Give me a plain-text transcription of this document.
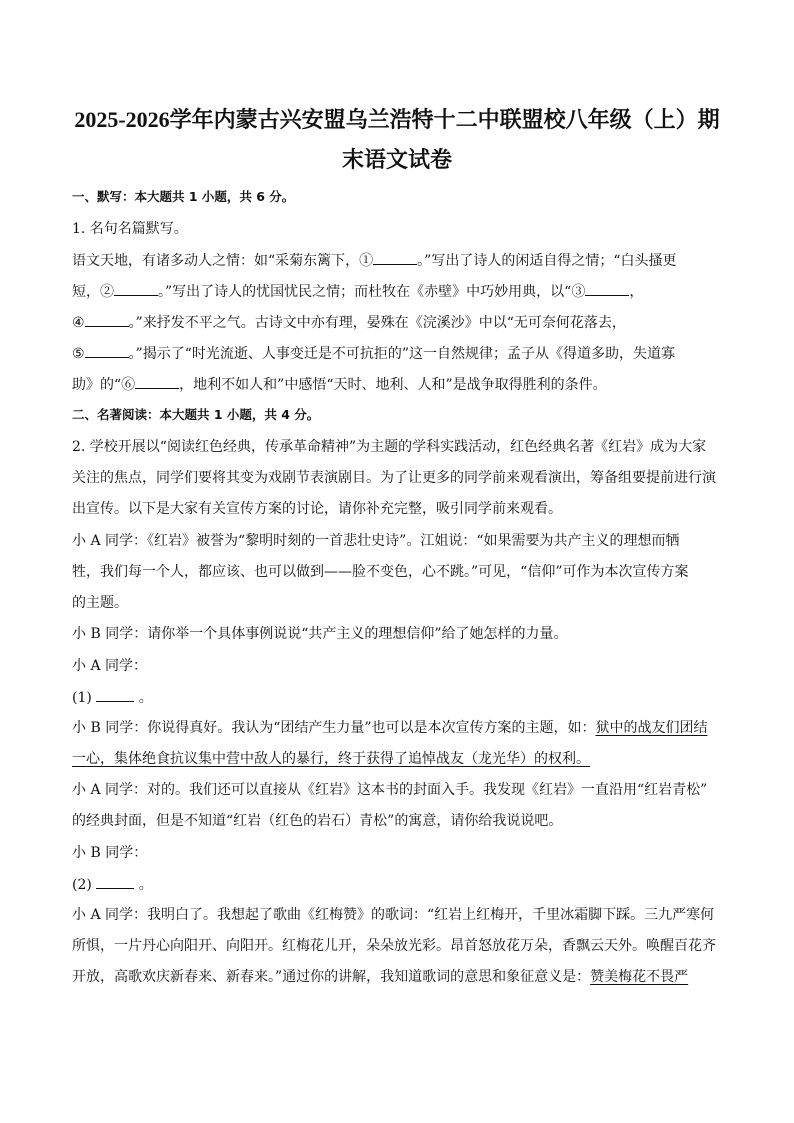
2025-2026学年内蒙古兴安盟乌兰浩特十二中联盟校八年级（上）期
末语文试卷
一、默写：本大题共 1 小题，共 6 分。
1. 名句名篇默写。
语文天地，有诸多动人之情：如“采菊东篱下，①	。”写出了诗人的闲适自得之情；“白头搔更
短，②	。”写出了诗人的忧国忧民之情；而杜牧在《赤壁》中巧妙用典，以“③	，
④	。”来抒发不平之气。古诗文中亦有理，晏殊在《浣溪沙》中以“无可奈何花落去，
⑤	。”揭示了“时光流逝、人事变迁是不可抗拒的”这一自然规律；孟子从《得道多助，失道寡
助》的“⑥	，地利不如人和”中感悟“天时、地利、人和”是战争取得胜利的条件。
二、名著阅读：本大题共 1 小题，共 4 分。
2. 学校开展以“阅读红色经典，传承革命精神”为主题的学科实践活动，红色经典名著《红岩》成为大家
关注的焦点，同学们要将其变为戏剧节表演剧目。为了让更多的同学前来观看演出，筹备组要提前进行演
出宣传。以下是大家有关宣传方案的讨论，请你补充完整，吸引同学前来观看。
小 A 同学：《红岩》被誉为“黎明时刻的一首悲壮史诗”。江姐说：“如果需要为共产主义的理想而牺
牲，我们每一个人，都应该、也可以做到——脸不变色，心不跳。”可见，“信仰”可作为本次宣传方案
的主题。
小 B 同学：请你举一个具体事例说说“共产主义的理想信仰”给了她怎样的力量。
小 A 同学：
(1)	。
小 B 同学：你说得真好。我认为“团结产生力量”也可以是本次宣传方案的主题，如：狱中的战友们团结
一心，集体绝食抗议集中营中敌人的暴行，终于获得了追悼战友（龙光华）的权利。
小 A 同学：对的。我们还可以直接从《红岩》这本书的封面入手。我发现《红岩》一直沿用“红岩青松”
的经典封面，但是不知道“红岩（红色的岩石）青松”的寓意，请你给我说说吧。
小 B 同学：
(2)	。
小 A 同学：我明白了。我想起了歌曲《红梅赞》的歌词：“红岩上红梅开，千里冰霜脚下踩。三九严寒何
所惧，一片丹心向阳开、向阳开。红梅花儿开，朵朵放光彩。昂首怒放花万朵，香飘云天外。唤醒百花齐
开放，高歌欢庆新春来、新春来。”通过你的讲解，我知道歌词的意思和象征意义是：赞美梅花不畏严
